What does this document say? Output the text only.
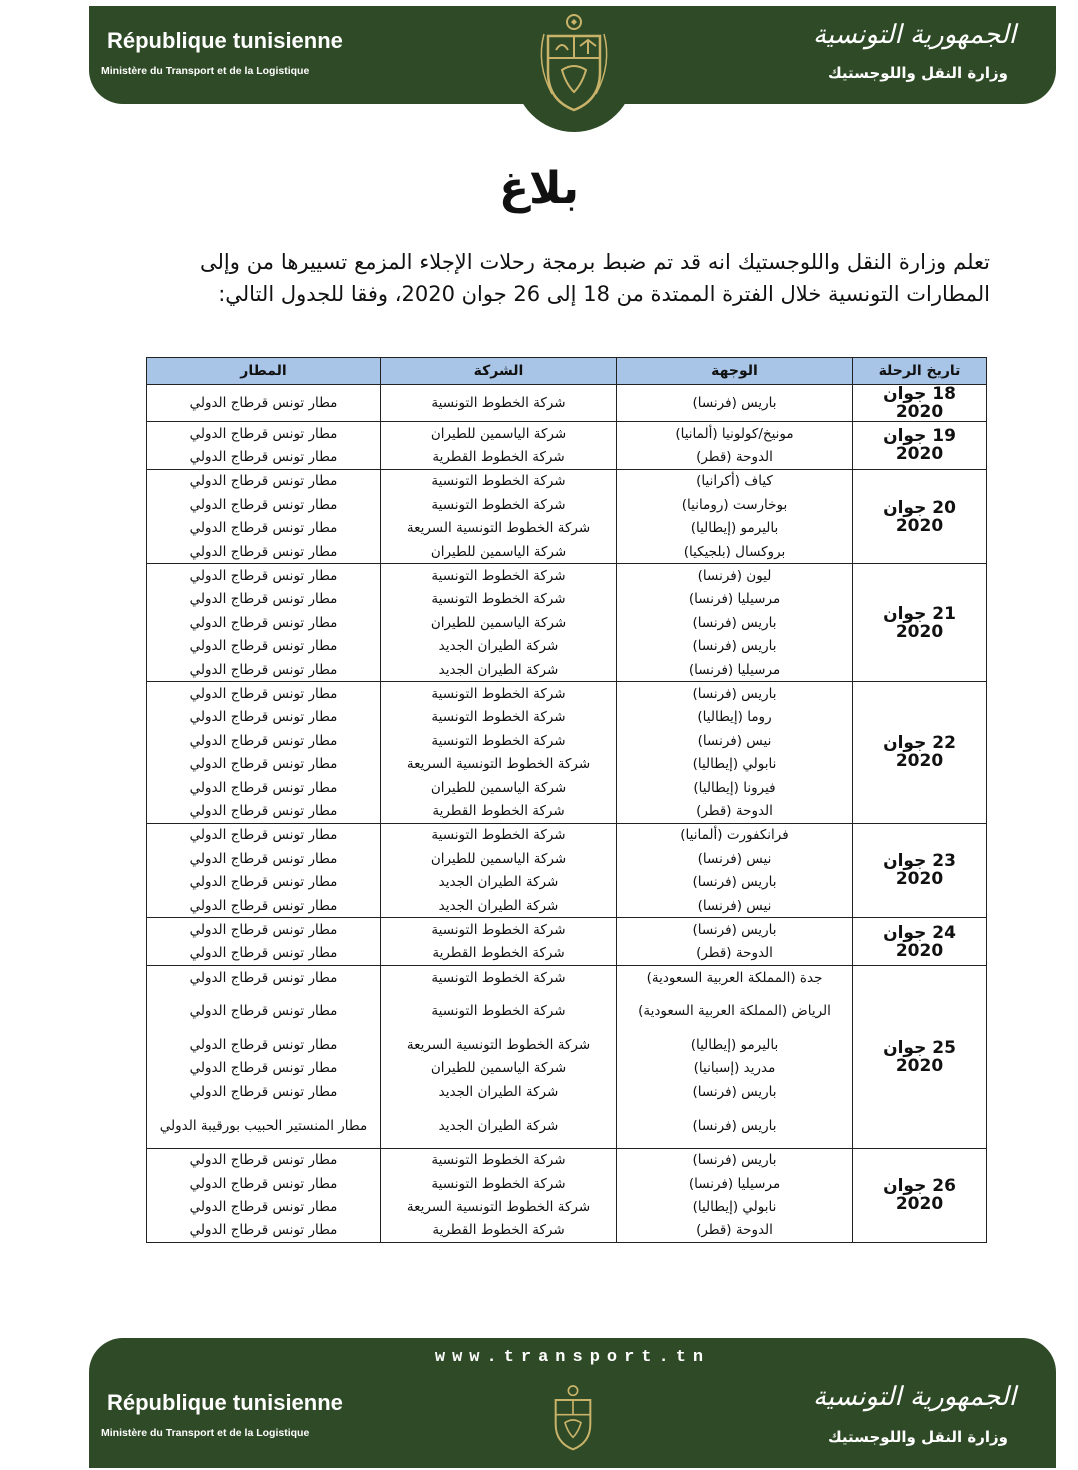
République tunisienne
Ministère du Transport et de la Logistique
الجمهورية التونسية
وزارة النقل واللوجستيك
بلاغ
تعلم وزارة النقل واللوجستيك انه قد تم ضبط برمجة رحلات الإجلاء المزمع تسييرها من وإلى المطارات التونسية خلال الفترة الممتدة من 18 إلى 26 جوان 2020، وفقا للجدول التالي:
تاريخ الرحلة	الوجهة	الشركة	المطار
18 جوان 2020	باريس (فرنسا)	شركة الخطوط التونسية	مطار تونس قرطاج الدولي
19 جوان 2020	مونيخ/كولونيا (ألمانيا)	شركة الياسمين للطيران	مطار تونس قرطاج الدولي
	الدوحة (قطر)	شركة الخطوط القطرية	مطار تونس قرطاج الدولي
20 جوان 2020	كياف (أكرانيا)	شركة الخطوط التونسية	مطار تونس قرطاج الدولي
	بوخارست (رومانيا)	شركة الخطوط التونسية	مطار تونس قرطاج الدولي
	باليرمو (إيطاليا)	شركة الخطوط التونسية السريعة	مطار تونس قرطاج الدولي
	بروكسال (بلجيكيا)	شركة الياسمين للطيران	مطار تونس قرطاج الدولي
21 جوان 2020	ليون (فرنسا)	شركة الخطوط التونسية	مطار تونس قرطاج الدولي
	مرسيليا (فرنسا)	شركة الخطوط التونسية	مطار تونس قرطاج الدولي
	باريس (فرنسا)	شركة الياسمين للطيران	مطار تونس قرطاج الدولي
	باريس (فرنسا)	شركة الطيران الجديد	مطار تونس قرطاج الدولي
	مرسيليا (فرنسا)	شركة الطيران الجديد	مطار تونس قرطاج الدولي
22 جوان 2020	باريس (فرنسا)	شركة الخطوط التونسية	مطار تونس قرطاج الدولي
	روما (إيطاليا)	شركة الخطوط التونسية	مطار تونس قرطاج الدولي
	نيس (فرنسا)	شركة الخطوط التونسية	مطار تونس قرطاج الدولي
	نابولي (إيطاليا)	شركة الخطوط التونسية السريعة	مطار تونس قرطاج الدولي
	فيرونا (إيطاليا)	شركة الياسمين للطيران	مطار تونس قرطاج الدولي
	الدوحة (قطر)	شركة الخطوط القطرية	مطار تونس قرطاج الدولي
23 جوان 2020	فرانكفورت (ألمانيا)	شركة الخطوط التونسية	مطار تونس قرطاج الدولي
	نيس (فرنسا)	شركة الياسمين للطيران	مطار تونس قرطاج الدولي
	باريس (فرنسا)	شركة الطيران الجديد	مطار تونس قرطاج الدولي
	نيس (فرنسا)	شركة الطيران الجديد	مطار تونس قرطاج الدولي
24 جوان 2020	باريس (فرنسا)	شركة الخطوط التونسية	مطار تونس قرطاج الدولي
	الدوحة (قطر)	شركة الخطوط القطرية	مطار تونس قرطاج الدولي
25 جوان 2020	جدة (المملكة العربية السعودية)	شركة الخطوط التونسية	مطار تونس قرطاج الدولي
	الرياض (المملكة العربية السعودية)	شركة الخطوط التونسية	مطار تونس قرطاج الدولي
	باليرمو (إيطاليا)	شركة الخطوط التونسية السريعة	مطار تونس قرطاج الدولي
	مدريد (إسبانيا)	شركة الياسمين للطيران	مطار تونس قرطاج الدولي
	باريس (فرنسا)	شركة الطيران الجديد	مطار تونس قرطاج الدولي
	باريس (فرنسا)	شركة الطيران الجديد	مطار المنستير الحبيب بورقيبة الدولي
26 جوان 2020	باريس (فرنسا)	شركة الخطوط التونسية	مطار تونس قرطاج الدولي
	مرسيليا (فرنسا)	شركة الخطوط التونسية	مطار تونس قرطاج الدولي
	نابولي (إيطاليا)	شركة الخطوط التونسية السريعة	مطار تونس قرطاج الدولي
	الدوحة (قطر)	شركة الخطوط القطرية	مطار تونس قرطاج الدولي
www.transport.tn
République tunisienne
Ministère du Transport et de la Logistique
الجمهورية التونسية
وزارة النقل واللوجستيك
